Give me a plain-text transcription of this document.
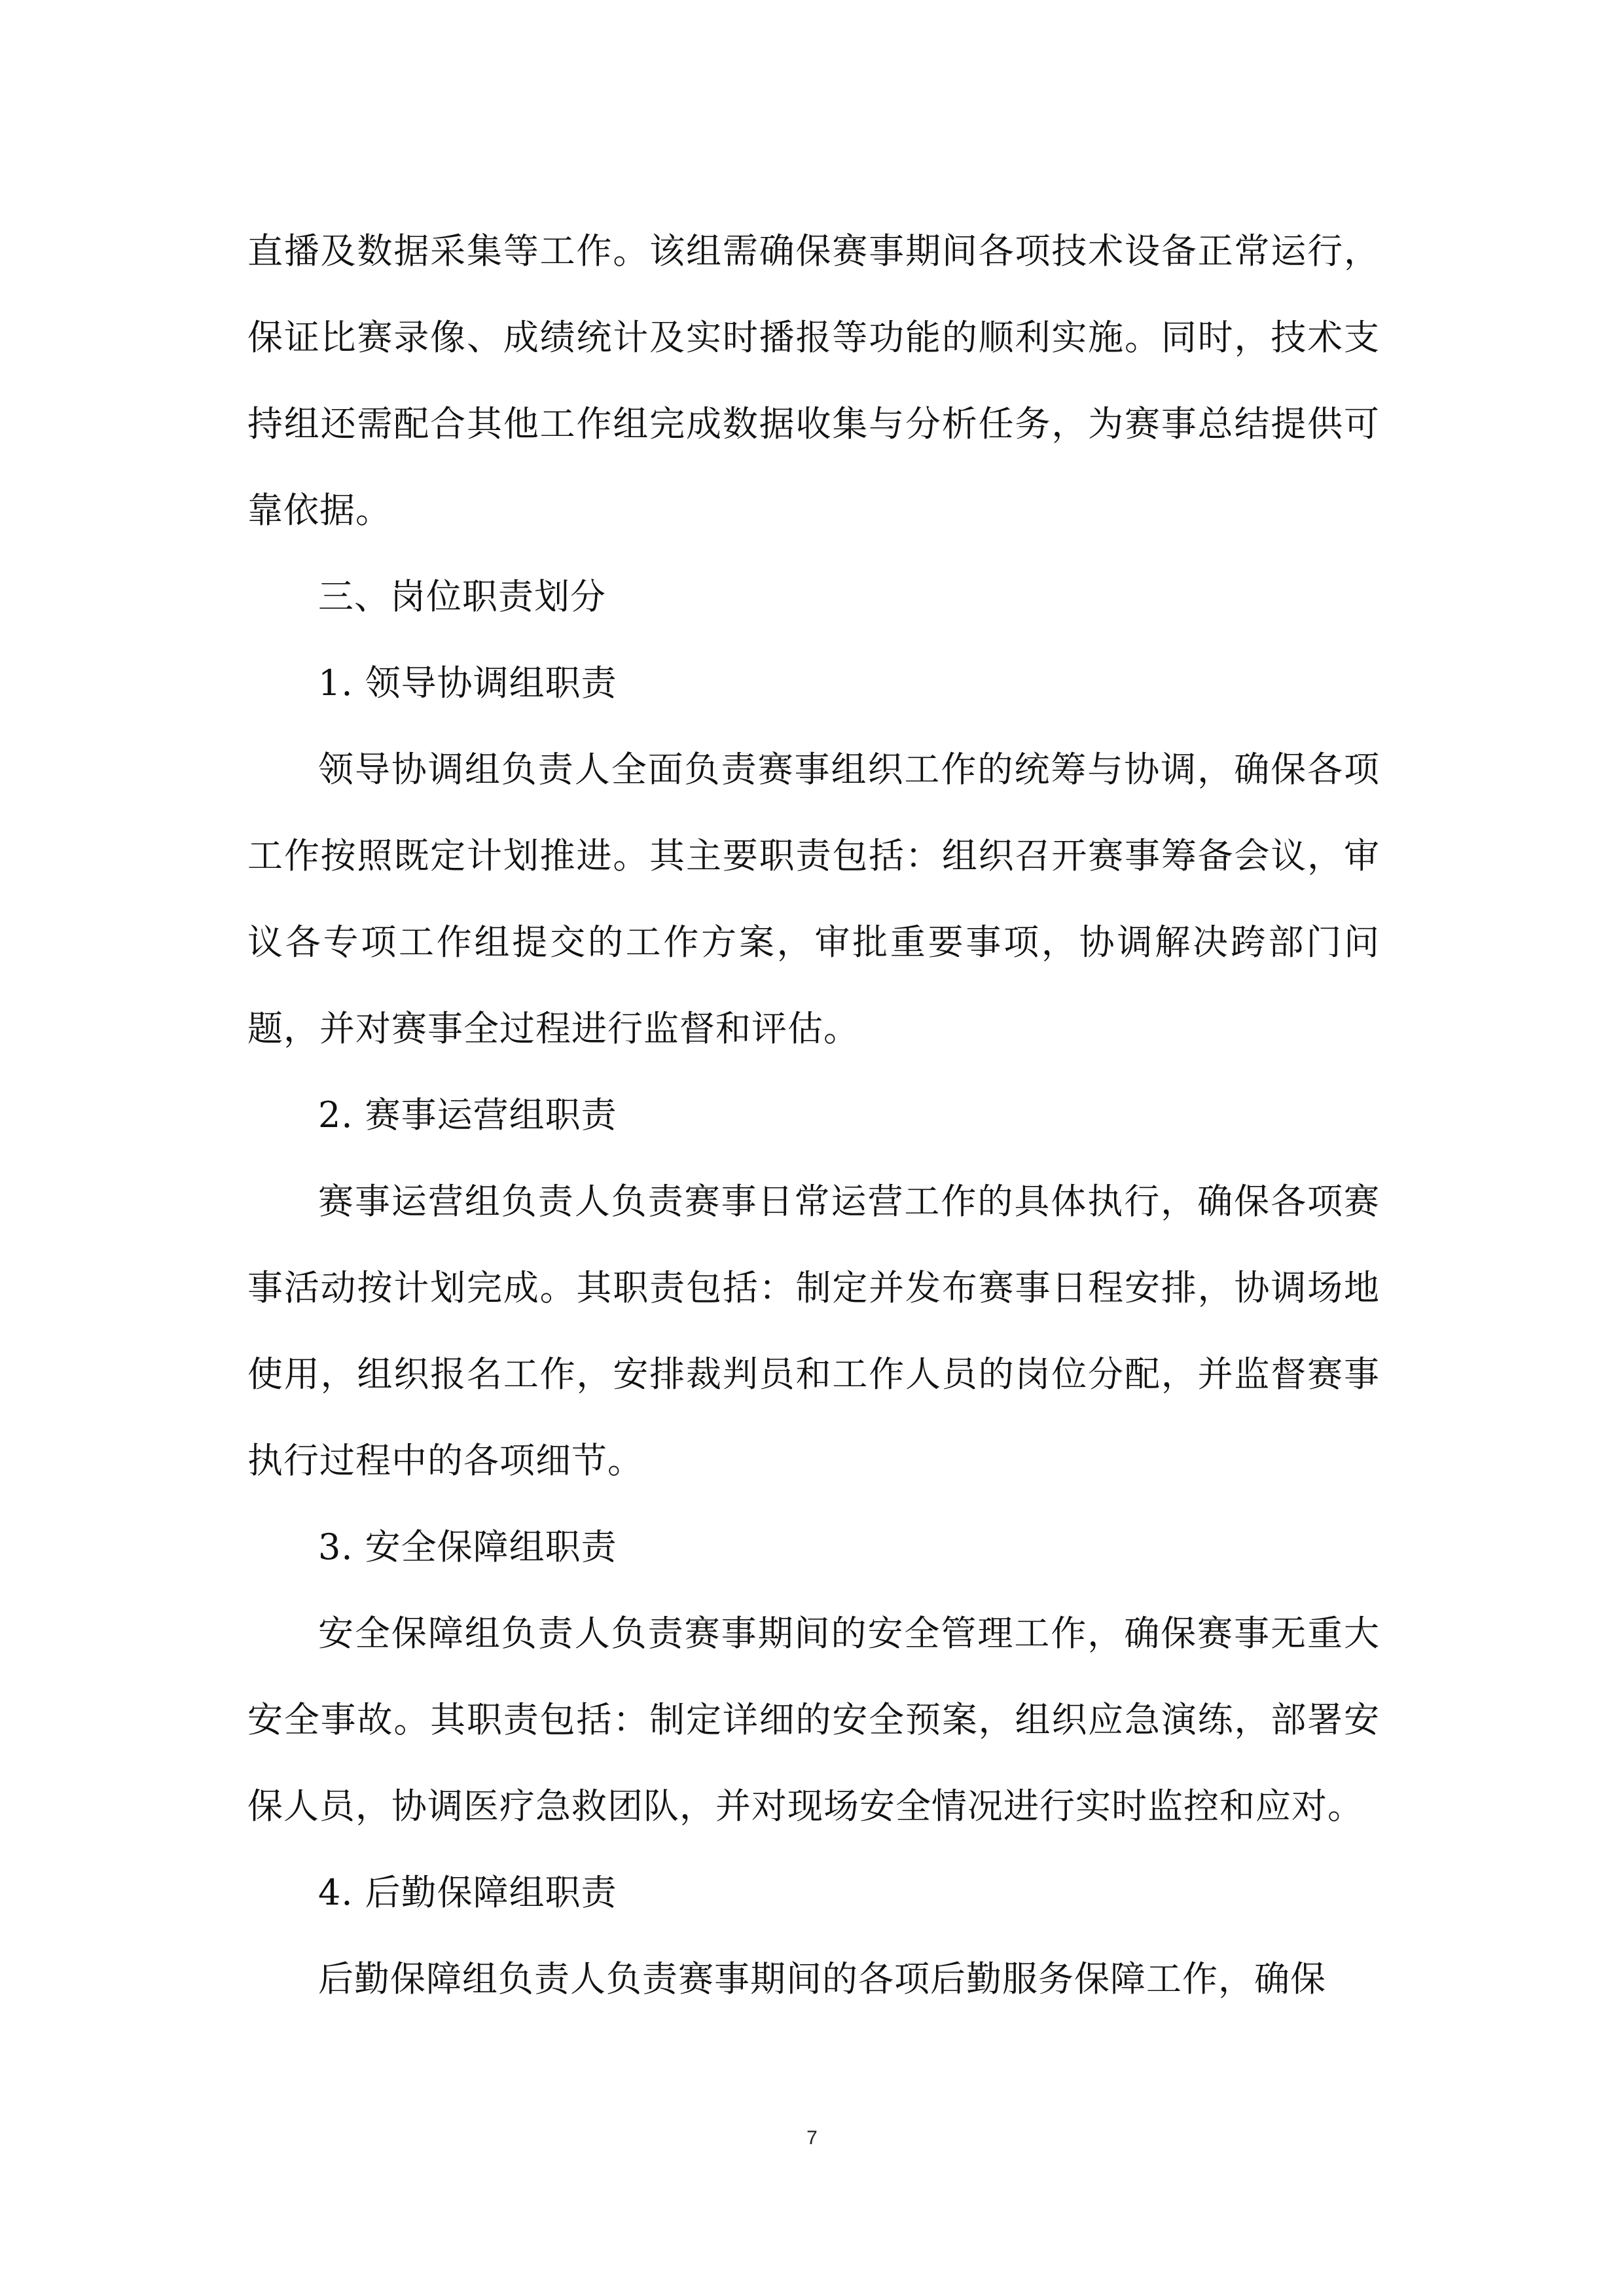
直播及数据采集等工作。该组需确保赛事期间各项技术设备正常运行，保证比赛录像、成绩统计及实时播报等功能的顺利实施。同时，技术支持组还需配合其他工作组完成数据收集与分析任务，为赛事总结提供可靠依据。

三、岗位职责划分

1. 领导协调组职责

领导协调组负责人全面负责赛事组织工作的统筹与协调，确保各项工作按照既定计划推进。其主要职责包括：组织召开赛事筹备会议，审议各专项工作组提交的工作方案，审批重要事项，协调解决跨部门问题，并对赛事全过程进行监督和评估。

2. 赛事运营组职责

赛事运营组负责人负责赛事日常运营工作的具体执行，确保各项赛事活动按计划完成。其职责包括：制定并发布赛事日程安排，协调场地使用，组织报名工作，安排裁判员和工作人员的岗位分配，并监督赛事执行过程中的各项细节。

3. 安全保障组职责

安全保障组负责人负责赛事期间的安全管理工作，确保赛事无重大安全事故。其职责包括：制定详细的安全预案，组织应急演练，部署安保人员，协调医疗急救团队，并对现场安全情况进行实时监控和应对。

4. 后勤保障组职责

后勤保障组负责人负责赛事期间的各项后勤服务保障工作，确保

7
